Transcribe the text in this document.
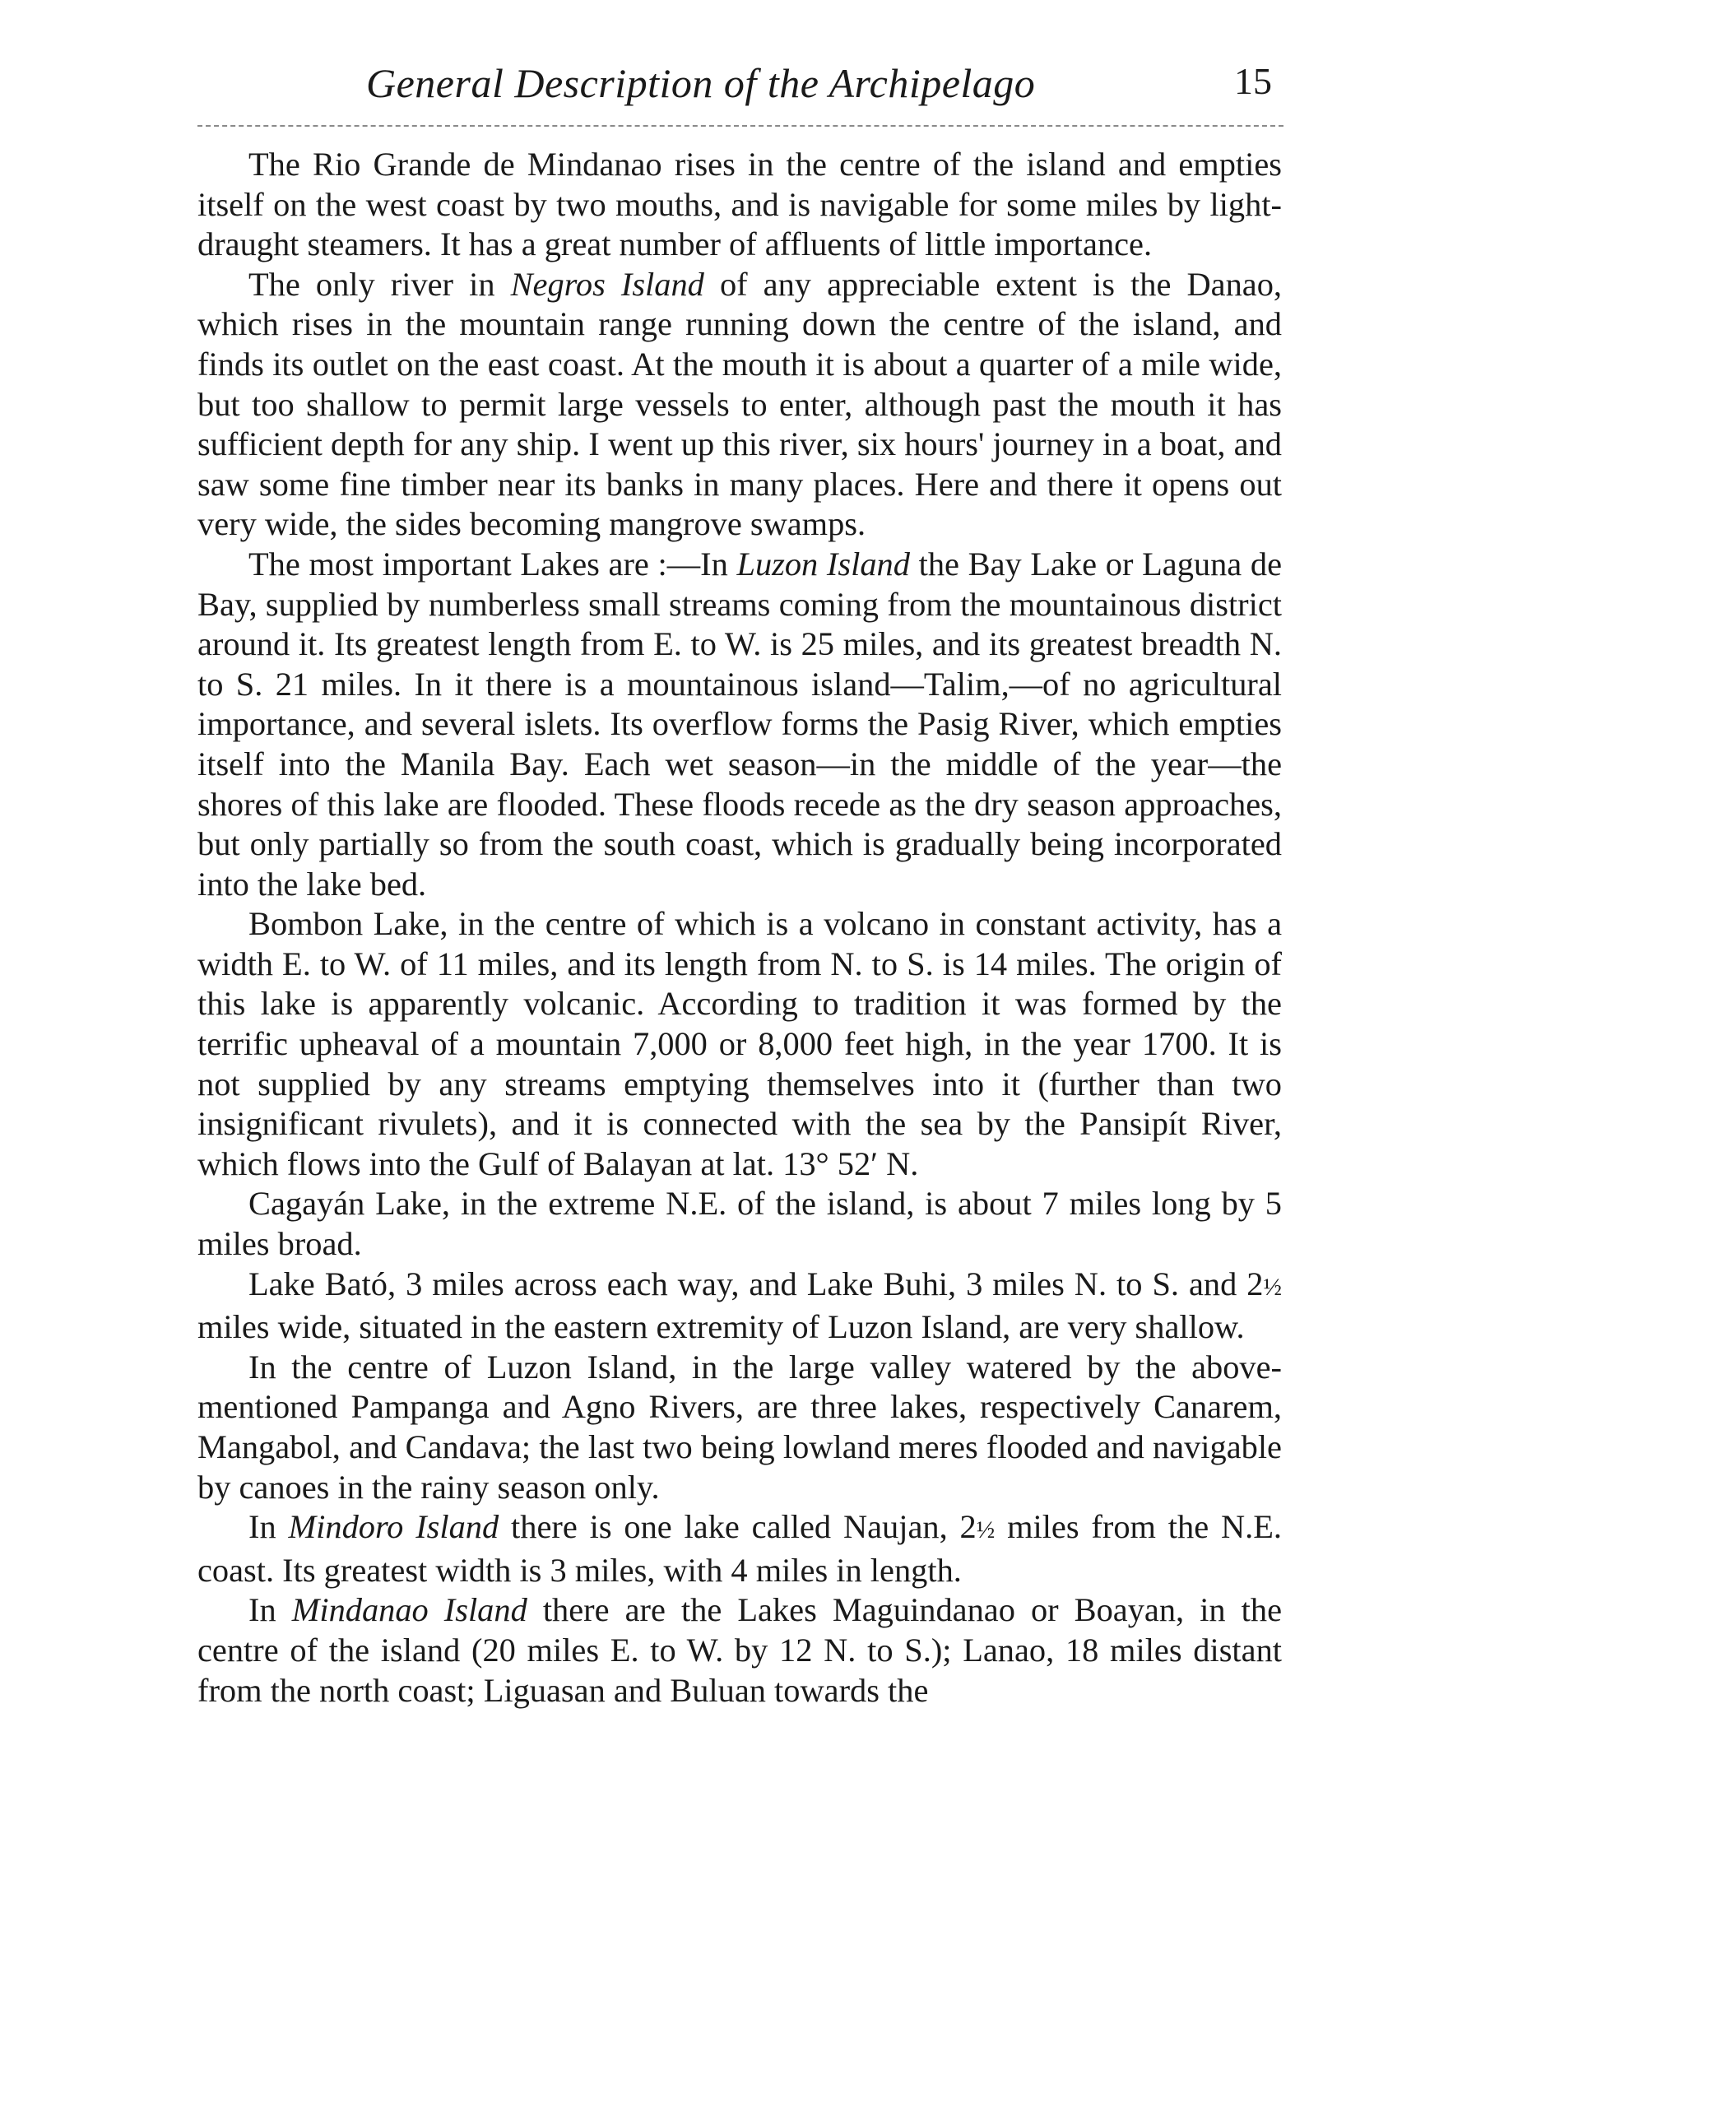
General Description of the Archipelago	15

The Rio Grande de Mindanao rises in the centre of the island and empties itself on the west coast by two mouths, and is navigable for some miles by light-draught steamers. It has a great number of affluents of little importance.

The only river in Negros Island of any appreciable extent is the Danao, which rises in the mountain range running down the centre of the island, and finds its outlet on the east coast. At the mouth it is about a quarter of a mile wide, but too shallow to permit large vessels to enter, although past the mouth it has sufficient depth for any ship. I went up this river, six hours' journey in a boat, and saw some fine timber near its banks in many places. Here and there it opens out very wide, the sides becoming mangrove swamps.

The most important Lakes are :—In Luzon Island the Bay Lake or Laguna de Bay, supplied by numberless small streams coming from the mountainous district around it. Its greatest length from E. to W. is 25 miles, and its greatest breadth N. to S. 21 miles. In it there is a mountainous island—Talim,—of no agricultural importance, and several islets. Its overflow forms the Pasig River, which empties itself into the Manila Bay. Each wet season—in the middle of the year—the shores of this lake are flooded. These floods recede as the dry season approaches, but only partially so from the south coast, which is gradually being incorporated into the lake bed.

Bombon Lake, in the centre of which is a volcano in constant activity, has a width E. to W. of 11 miles, and its length from N. to S. is 14 miles. The origin of this lake is apparently volcanic. According to tradition it was formed by the terrific upheaval of a mountain 7,000 or 8,000 feet high, in the year 1700. It is not supplied by any streams emptying themselves into it (further than two insignificant rivulets), and it is connected with the sea by the Pansipít River, which flows into the Gulf of Balayan at lat. 13° 52′ N.

Cagayán Lake, in the extreme N.E. of the island, is about 7 miles long by 5 miles broad.

Lake Bató, 3 miles across each way, and Lake Buhi, 3 miles N. to S. and 2½ miles wide, situated in the eastern extremity of Luzon Island, are very shallow.

In the centre of Luzon Island, in the large valley watered by the above-mentioned Pampanga and Agno Rivers, are three lakes, respectively Canarem, Mangabol, and Candava; the last two being lowland meres flooded and navigable by canoes in the rainy season only.

In Mindoro Island there is one lake called Naujan, 2½ miles from the N.E. coast. Its greatest width is 3 miles, with 4 miles in length.

In Mindanao Island there are the Lakes Maguindanao or Boayan, in the centre of the island (20 miles E. to W. by 12 N. to S.); Lanao, 18 miles distant from the north coast; Liguasan and Buluan towards the
